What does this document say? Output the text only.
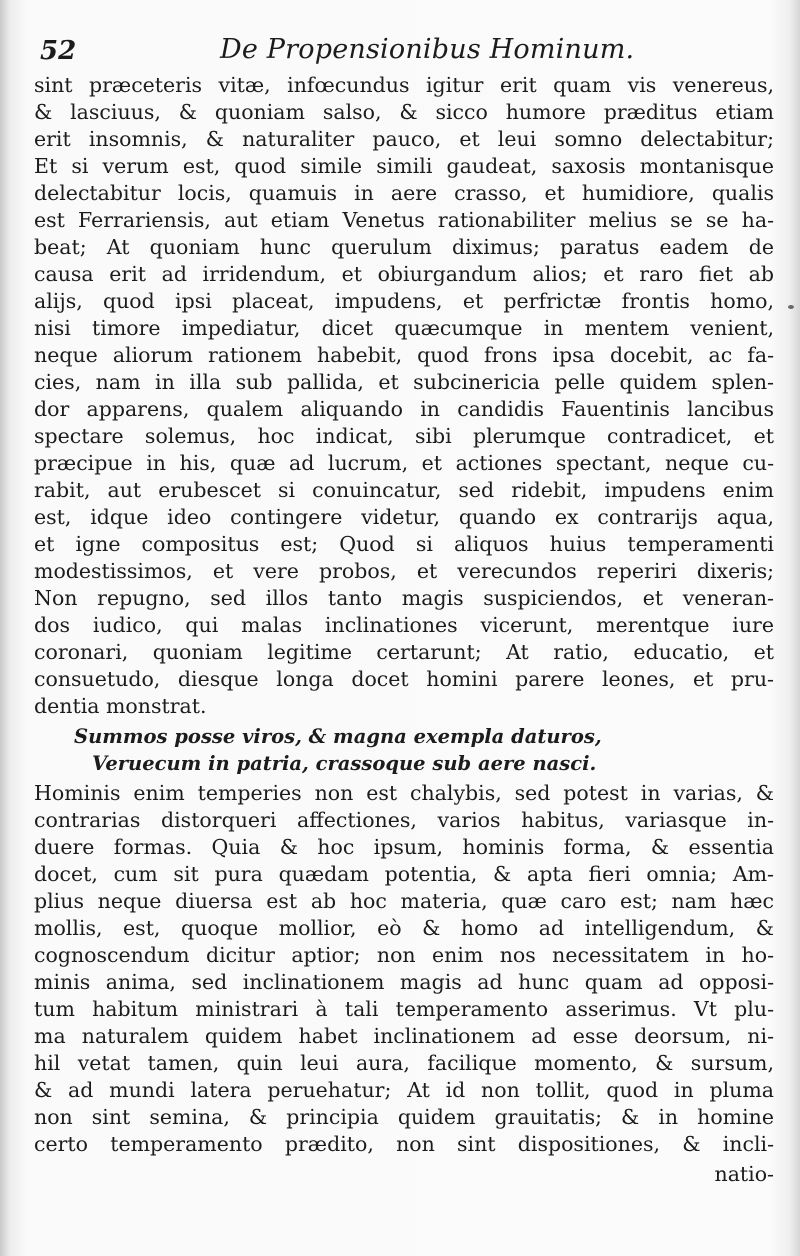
52	De Propensionibus Hominum.
sint præceteris vitæ, infœcundus igitur erit quam vis venereus,
& lasciuus, & quoniam salso, & sicco humore præditus etiam
erit insomnis, & naturaliter pauco, et leui somno delectabitur;
Et si verum est, quod simile simili gaudeat, saxosis montanisque
delectabitur locis, quamuis in aere crasso, et humidiore, qualis
est Ferrariensis, aut etiam Venetus rationabiliter melius se se ha-
beat; At quoniam hunc querulum diximus; paratus eadem de
causa erit ad irridendum, et obiurgandum alios; et raro fiet ab
alijs, quod ipsi placeat, impudens, et perfrictæ frontis homo,
nisi timore impediatur, dicet quæcumque in mentem venient,
neque aliorum rationem habebit, quod frons ipsa docebit, ac fa-
cies, nam in illa sub pallida, et subcinericia pelle quidem splen-
dor apparens, qualem aliquando in candidis Fauentinis lancibus
spectare solemus, hoc indicat, sibi plerumque contradicet, et
præcipue in his, quæ ad lucrum, et actiones spectant, neque cu-
rabit, aut erubescet si conuincatur, sed ridebit, impudens enim
est, idque ideo contingere videtur, quando ex contrarijs aqua,
et igne compositus est; Quod si aliquos huius temperamenti
modestissimos, et vere probos, et verecundos reperiri dixeris;
Non repugno, sed illos tanto magis suspiciendos, et veneran-
dos iudico, qui malas inclinationes vicerunt, merentque iure
coronari, quoniam legitime certarunt; At ratio, educatio, et
consuetudo, diesque longa docet homini parere leones, et pru-
dentia monstrat.
Summos posse viros, & magna exempla daturos,
Veruecum in patria, crassoque sub aere nasci.
Hominis enim temperies non est chalybis, sed potest in varias, &
contrarias distorqueri affectiones, varios habitus, variasque in-
duere formas. Quia & hoc ipsum, hominis forma, & essentia
docet, cum sit pura quædam potentia, & apta fieri omnia; Am-
plius neque diuersa est ab hoc materia, quæ caro est; nam hæc
mollis, est, quoque mollior, eò & homo ad intelligendum, &
cognoscendum dicitur aptior; non enim nos necessitatem in ho-
minis anima, sed inclinationem magis ad hunc quam ad opposi-
tum habitum ministrari à tali temperamento asserimus. Vt plu-
ma naturalem quidem habet inclinationem ad esse deorsum, ni-
hil vetat tamen, quin leui aura, facilique momento, & sursum,
& ad mundi latera peruehatur; At id non tollit, quod in pluma
non sint semina, & principia quidem grauitatis; & in homine
certo temperamento prædito, non sint dispositiones, & incli-
natio-
